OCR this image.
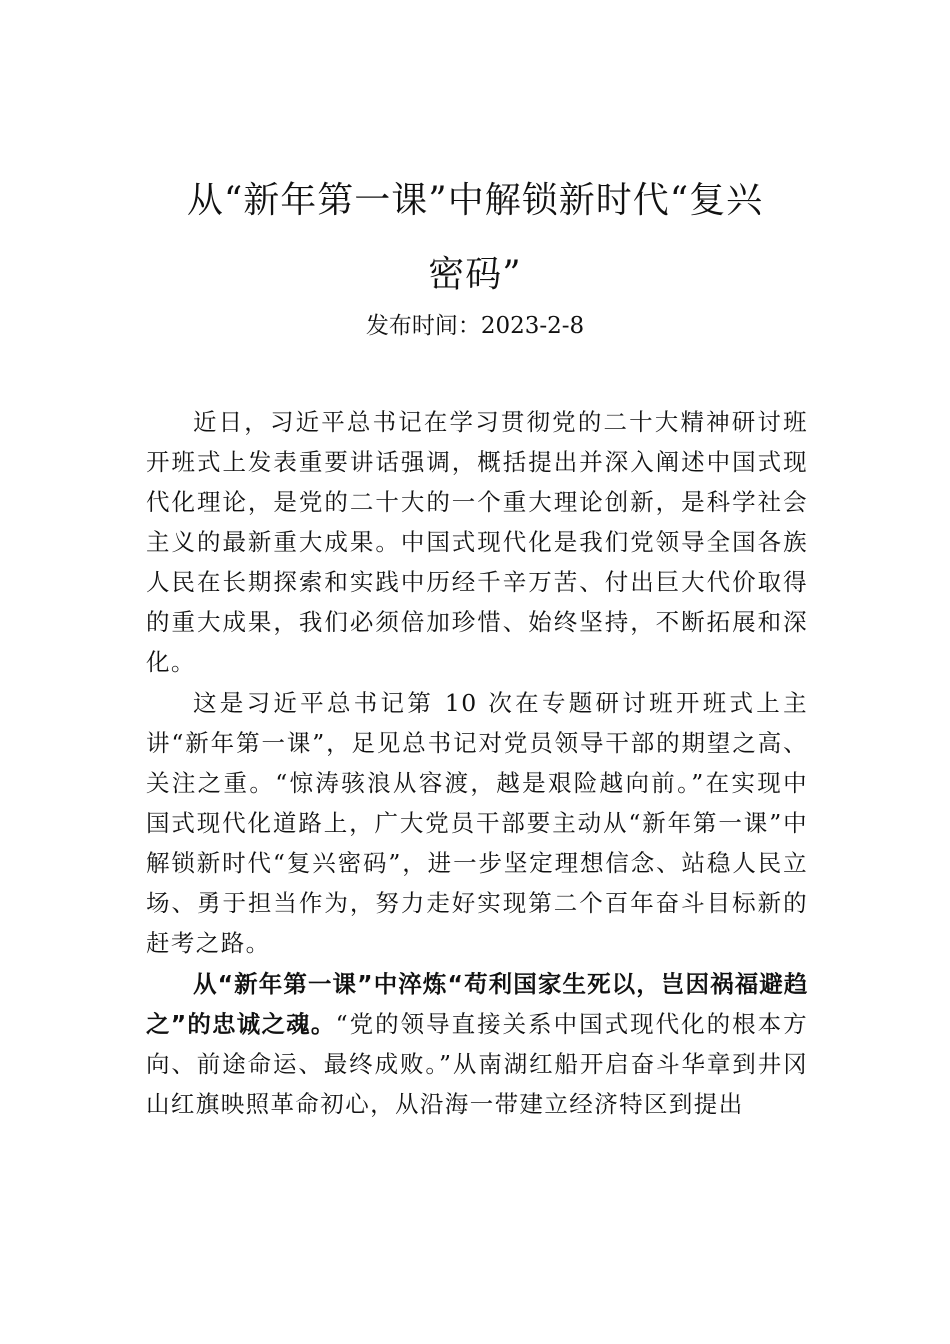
从“新年第一课”中解锁新时代“复兴
密码”
发布时间：2023-2-8

近日，习近平总书记在学习贯彻党的二十大精神研讨班开班式上发表重要讲话强调，概括提出并深入阐述中国式现代化理论，是党的二十大的一个重大理论创新，是科学社会主义的最新重大成果。中国式现代化是我们党领导全国各族人民在长期探索和实践中历经千辛万苦、付出巨大代价取得的重大成果，我们必须倍加珍惜、始终坚持，不断拓展和深化。

这是习近平总书记第 10 次在专题研讨班开班式上主讲“新年第一课”，足见总书记对党员领导干部的期望之高、关注之重。“惊涛骇浪从容渡，越是艰险越向前。”在实现中国式现代化道路上，广大党员干部要主动从“新年第一课”中解锁新时代“复兴密码”，进一步坚定理想信念、站稳人民立场、勇于担当作为，努力走好实现第二个百年奋斗目标新的赶考之路。

从“新年第一课”中淬炼“苟利国家生死以，岂因祸福避趋之”的忠诚之魂。“党的领导直接关系中国式现代化的根本方向、前途命运、最终成败。”从南湖红船开启奋斗华章到井冈山红旗映照革命初心，从沿海一带建立经济特区到提出
